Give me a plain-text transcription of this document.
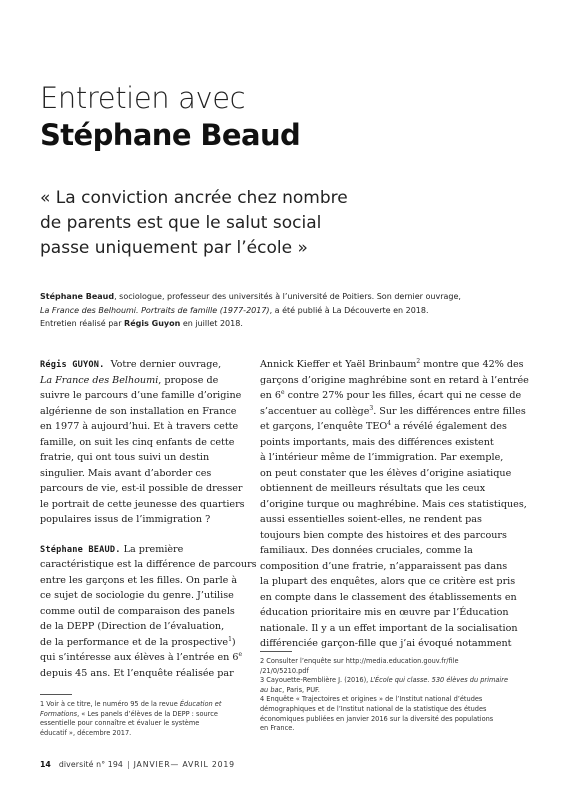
Entretien avec
Stéphane Beaud
« La conviction ancrée chez nombre
de parents est que le salut social
passe uniquement par l’école »
Stéphane Beaud, sociologue, professeur des universités à l’université de Poitiers. Son dernier ouvrage,
La France des Belhoumi. Portraits de famille (1977-2017), a été publié à La Découverte en 2018.
Entretien réalisé par Régis Guyon en juillet 2018.
Régis GUYON. Votre dernier ouvrage,
La France des Belhoumi, propose de
suivre le parcours d’une famille d’origine
algérienne de son installation en France
en 1977 à aujourd’hui. Et à travers cette
famille, on suit les cinq enfants de cette
fratrie, qui ont tous suivi un destin
singulier. Mais avant d’aborder ces
parcours de vie, est-il possible de dresser
le portrait de cette jeunesse des quartiers
populaires issus de l’immigration ?
Stéphane BEAUD. La première
caractéristique est la différence de parcours
entre les garçons et les filles. On parle à
ce sujet de sociologie du genre. J’utilise
comme outil de comparaison des panels
de la DEPP (Direction de l’évaluation,
de la performance et de la prospective$^1$)
qui s’intéresse aux élèves à l’entrée en 6e
depuis 45 ans. Et l’enquête réalisée par
Annick Kieffer et Yaël Brinbaum$^2$ montre que 42% des
garçons d’origine maghrébine sont en retard à l’entrée
en 6e contre 27% pour les filles, écart qui ne cesse de
s’accentuer au collège$^3$. Sur les différences entre filles
et garçons, l’enquête TEO$^4$ a révélé également des
points importants, mais des différences existent
à l’intérieur même de l’immigration. Par exemple,
on peut constater que les élèves d’origine asiatique
obtiennent de meilleurs résultats que les ceux
d’origine turque ou maghrébine. Mais ces statistiques,
aussi essentielles soient-elles, ne rendent pas
toujours bien compte des histoires et des parcours
familiaux. Des données cruciales, comme la
composition d’une fratrie, n’apparaissent pas dans
la plupart des enquêtes, alors que ce critère est pris
en compte dans le classement des établissements en
éducation prioritaire mis en œuvre par l’Éducation
nationale. Il y a un effet important de la socialisation
différenciée garçon-fille que j’ai évoqué notamment
2 Consulter l’enquête sur http://media.education.gouv.fr/file
/21/0/5210.pdf
3 Cayouette-Remblière J. (2016), L’École qui classe. 530 élèves du primaire
au bac, Paris, PUF.
4 Enquête « Trajectoires et origines » de l’Institut national d’études
démographiques et de l’Institut national de la statistique des études
économiques publiées en janvier 2016 sur la diversité des populations
en France.
1 Voir à ce titre, le numéro 95 de la revue Éducation et
Formations, « Les panels d’élèves de la DEPP : source
essentielle pour connaître et évaluer le système
éducatif », décembre 2017.
14 diversité n° 194 | JANVIER— AVRIL 2019
